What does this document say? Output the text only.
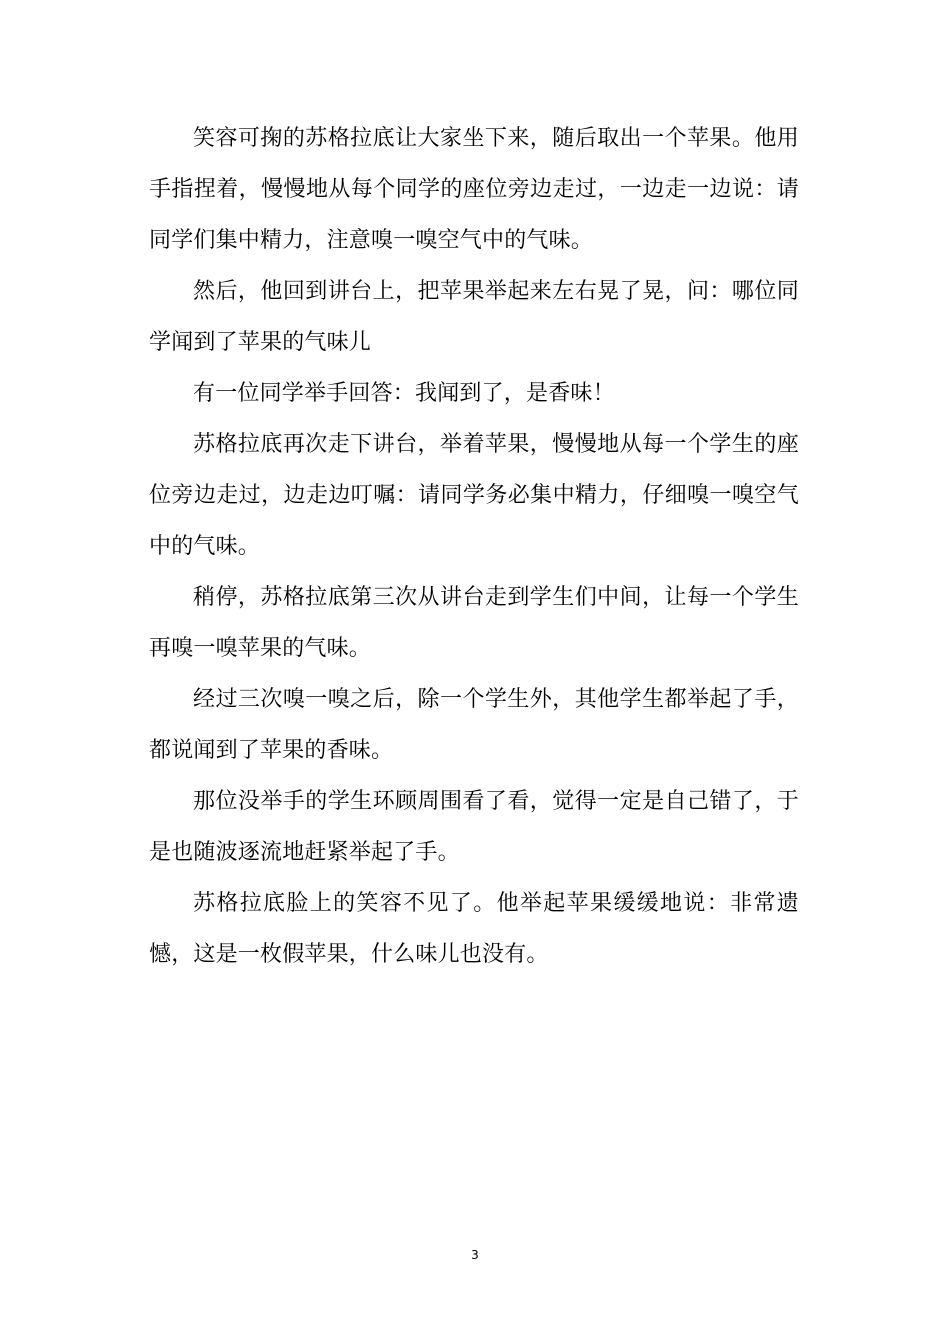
笑容可掬的苏格拉底让大家坐下来，随后取出一个苹果。他用手指捏着，慢慢地从每个同学的座位旁边走过，一边走一边说：请同学们集中精力，注意嗅一嗅空气中的气味。

然后，他回到讲台上，把苹果举起来左右晃了晃，问：哪位同学闻到了苹果的气味儿

有一位同学举手回答：我闻到了，是香味！

苏格拉底再次走下讲台，举着苹果，慢慢地从每一个学生的座位旁边走过，边走边叮嘱：请同学务必集中精力，仔细嗅一嗅空气中的气味。

稍停，苏格拉底第三次从讲台走到学生们中间，让每一个学生再嗅一嗅苹果的气味。

经过三次嗅一嗅之后，除一个学生外，其他学生都举起了手，都说闻到了苹果的香味。

那位没举手的学生环顾周围看了看，觉得一定是自己错了，于是也随波逐流地赶紧举起了手。

苏格拉底脸上的笑容不见了。他举起苹果缓缓地说：非常遗憾，这是一枚假苹果，什么味儿也没有。

3
